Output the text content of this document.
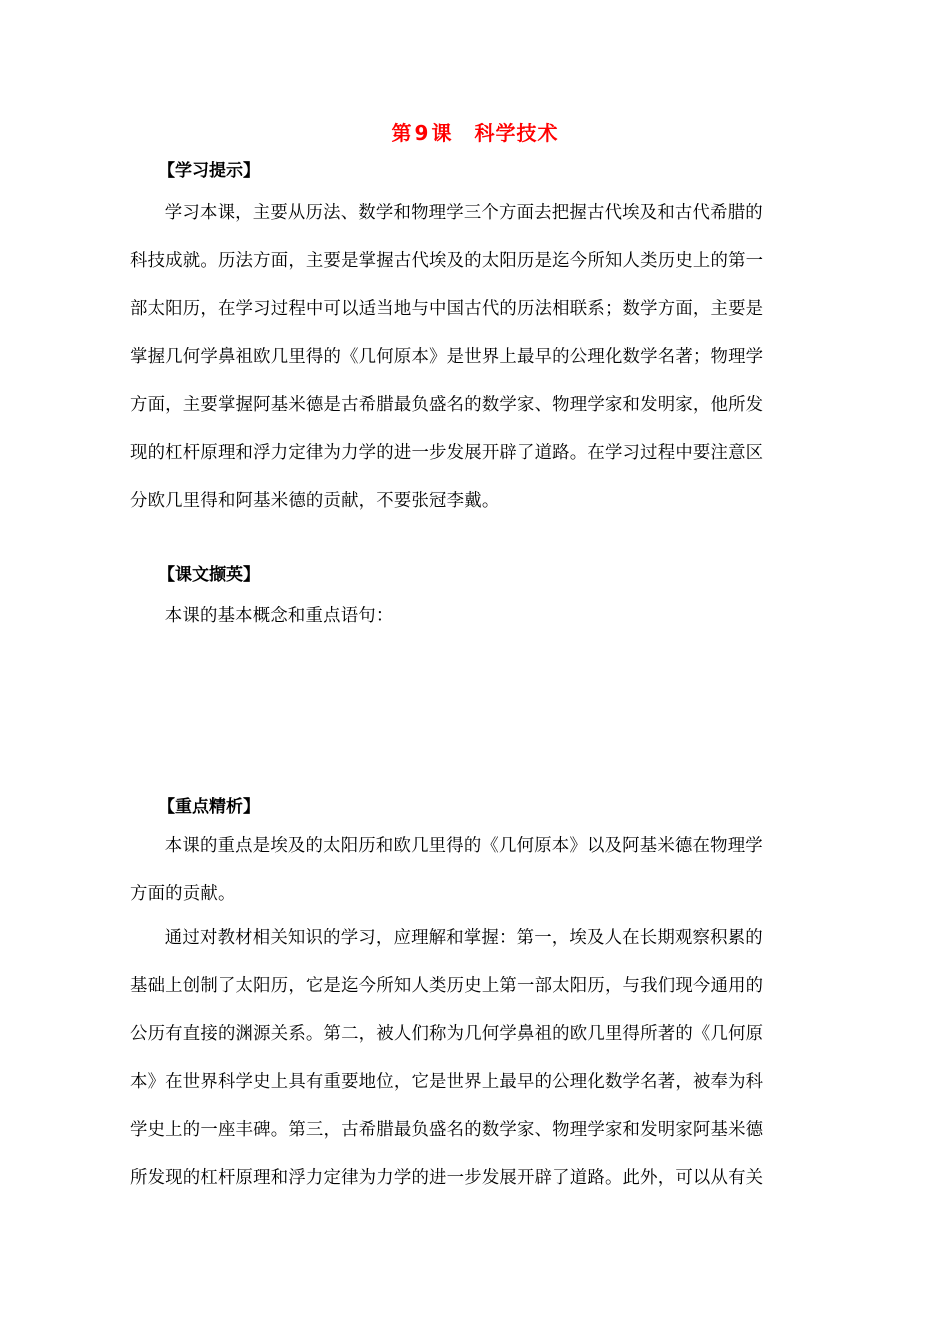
第 9 课 科学技术
【学习提示】
学习本课，主要从历法、数学和物理学三个方面去把握古代埃及和古代希腊的
科技成就。历法方面，主要是掌握古代埃及的太阳历是迄今所知人类历史上的第一
部太阳历，在学习过程中可以适当地与中国古代的历法相联系；数学方面，主要是
掌握几何学鼻祖欧几里得的《几何原本》是世界上最早的公理化数学名著；物理学
方面，主要掌握阿基米德是古希腊最负盛名的数学家、物理学家和发明家，他所发
现的杠杆原理和浮力定律为力学的进一步发展开辟了道路。在学习过程中要注意区
分欧几里得和阿基米德的贡献，不要张冠李戴。
【课文撷英】
本课的基本概念和重点语句：
【重点精析】
本课的重点是埃及的太阳历和欧几里得的《几何原本》以及阿基米德在物理学
方面的贡献。
通过对教材相关知识的学习，应理解和掌握：第一，埃及人在长期观察积累的
基础上创制了太阳历，它是迄今所知人类历史上第一部太阳历，与我们现今通用的
公历有直接的渊源关系。第二，被人们称为几何学鼻祖的欧几里得所著的《几何原
本》在世界科学史上具有重要地位，它是世界上最早的公理化数学名著，被奉为科
学史上的一座丰碑。第三，古希腊最负盛名的数学家、物理学家和发明家阿基米德
所发现的杠杆原理和浮力定律为力学的进一步发展开辟了道路。此外，可以从有关
